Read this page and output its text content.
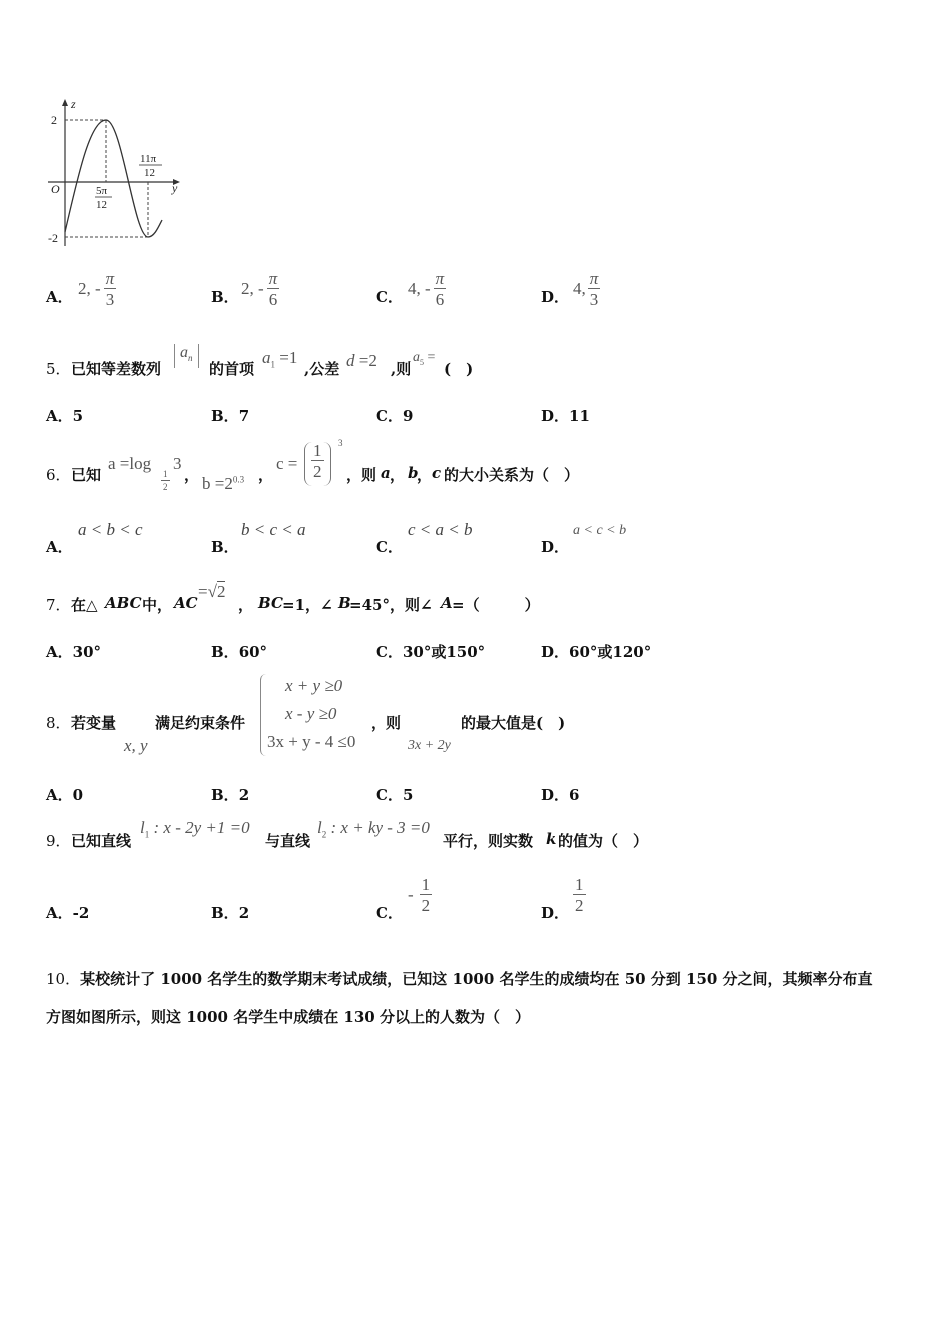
z
y
O
2
-2
5π
12
11π
12
A． 2, - $\frac{\pi}{3}$	B． 2, - $\frac{\pi}{6}$	C． 4, - $\frac{\pi}{6}$	D． 4, $\frac{\pi}{3}$
5． 已知等差数列
$a_n$
的首项
$a_1 =1$
,公差 d =2 ,则
$a_5$ =
(　)
A．5	B．7	C．9	D．11
6． 已知
a =log
$\frac{1}{2}$
3
， $b =2^{0.3}$ ，
$c = \frac{1}{2} 3$
，则 a ， b
， c 的大小关系为（　）
A．
a < b < c
B．
b < c < a
C．
c < a < b
D．
a < c < b
7． 在△ ABC 中， AC
=√2
， BC =1，∠ B
=45°，则∠ A =（　　　）
A．30°	B．60°	C．30°或150°	D．60°或120°
8． 若变量
x, y
满足约束条件
x + y ≥0
x - y ≥0
3x + y - 4 ≤0
，则
3x + 2y
的最大值是(　)
A．0	B．2	C．5	D．6
9． 已知直线
$l_1$ : x - 2y +1 =0
与直线
$l_2$ : x + ky - 3 =0
平行，则实数 k 的值为（　）
A．-2	B．2	C．
- $\frac{1}{2}$	D． $\frac{1}{2}$
10．某校统计了 1000 名学生的数学期末考试成绩，已知这 1000 名学生的成绩均在 50 分到 150 分之间，其频率分布直
方图如图所示，则这 1000 名学生中成绩在 130 分以上的人数为（　）
